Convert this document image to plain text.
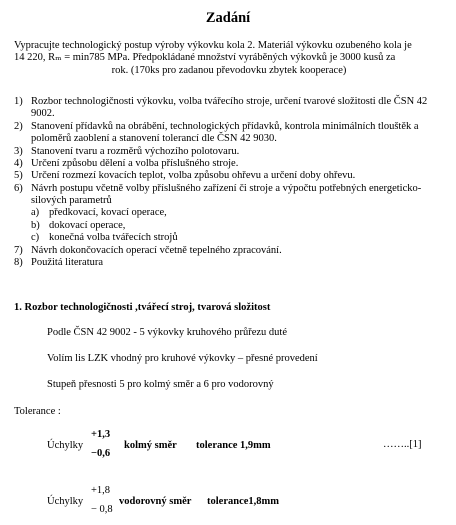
Zadání
Vypracujte technologický postup výroby výkovku kola 2. Materiál výkovku ozubeného kola je
14 220, Rₘ = min785 MPa. Předpokládané množství vyráběných výkovků je 3000 kusů za
rok. (170ks pro zadanou převodovku zbytek kooperace)
1) Rozbor technologičnosti výkovku, volba tvářecího stroje, určení tvarové složitosti dle ČSN 42 9002.
2) Stanovení přídavků na obrábění, technologických přídavků, kontrola minimálních tlouštěk a poloměrů zaoblení a stanovení tolerancí dle ČSN 42 9030.
3) Stanovení tvaru a rozměrů výchozího polotovaru.
4) Určení způsobu dělení a volba příslušného stroje.
5) Určení rozmezí kovacích teplot, volba způsobu ohřevu a určení doby ohřevu.
6) Návrh postupu včetně volby příslušného zařízení či stroje a výpočtu potřebných energeticko-silových parametrů
a) předkovací, kovací operace,
b) dokovací operace,
c) konečná volba tvářecích strojů
7) Návrh dokončovacích operací včetně tepelného zpracování.
8) Použitá literatura
1. Rozbor technologičnosti ,tvářecí stroj, tvarová složitost
Podle ČSN 42 9002 - 5 výkovky kruhového průřezu duté
Volím lis LZK vhodný pro kruhové výkovky – přesné provedení
Stupeň přesnosti 5 pro kolmý směr a 6 pro vodorovný
Tolerance :
Úchylky
+1,3
−0,6
kolmý směr tolerance 1,9mm	……..[1]
Úchylky
+1,8
− 0,8
vodorovný směr tolerance1,8mm
